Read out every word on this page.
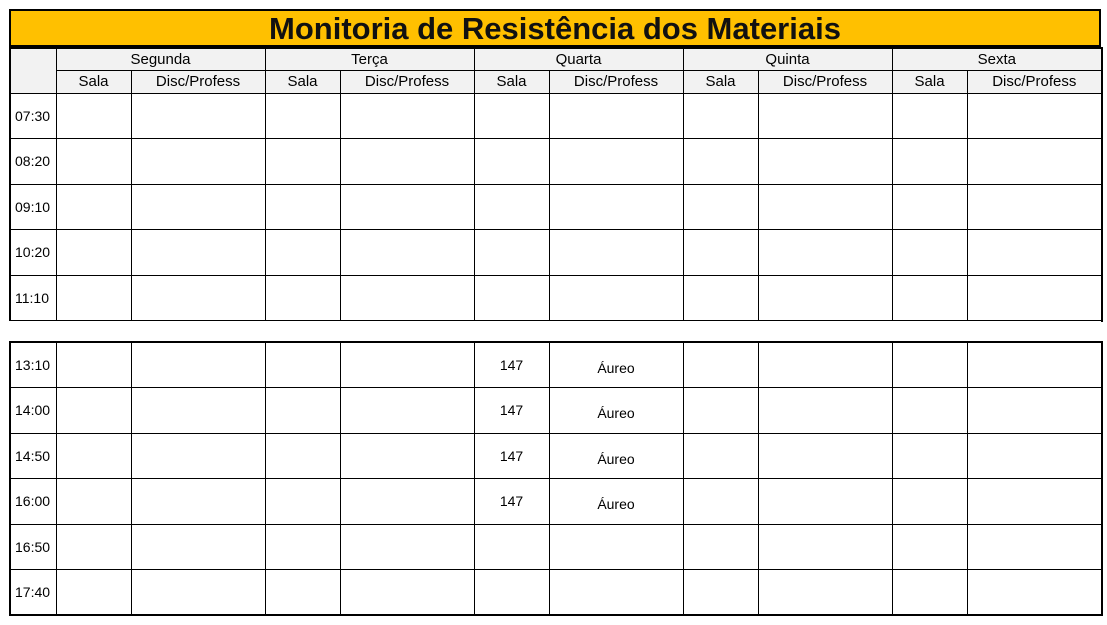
Monitoria de Resistência dos Materiais
	Segunda		Terça		Quarta		Quinta		Sexta	
	Sala	Disc/Profess	Sala	Disc/Profess	Sala	Disc/Profess	Sala	Disc/Profess	Sala	Disc/Profess
07:30										
08:20										
09:10										
10:20										
11:10										
13:10					147	Áureo				
14:00					147	Áureo				
14:50					147	Áureo				
16:00					147	Áureo				
16:50										
17:40										
